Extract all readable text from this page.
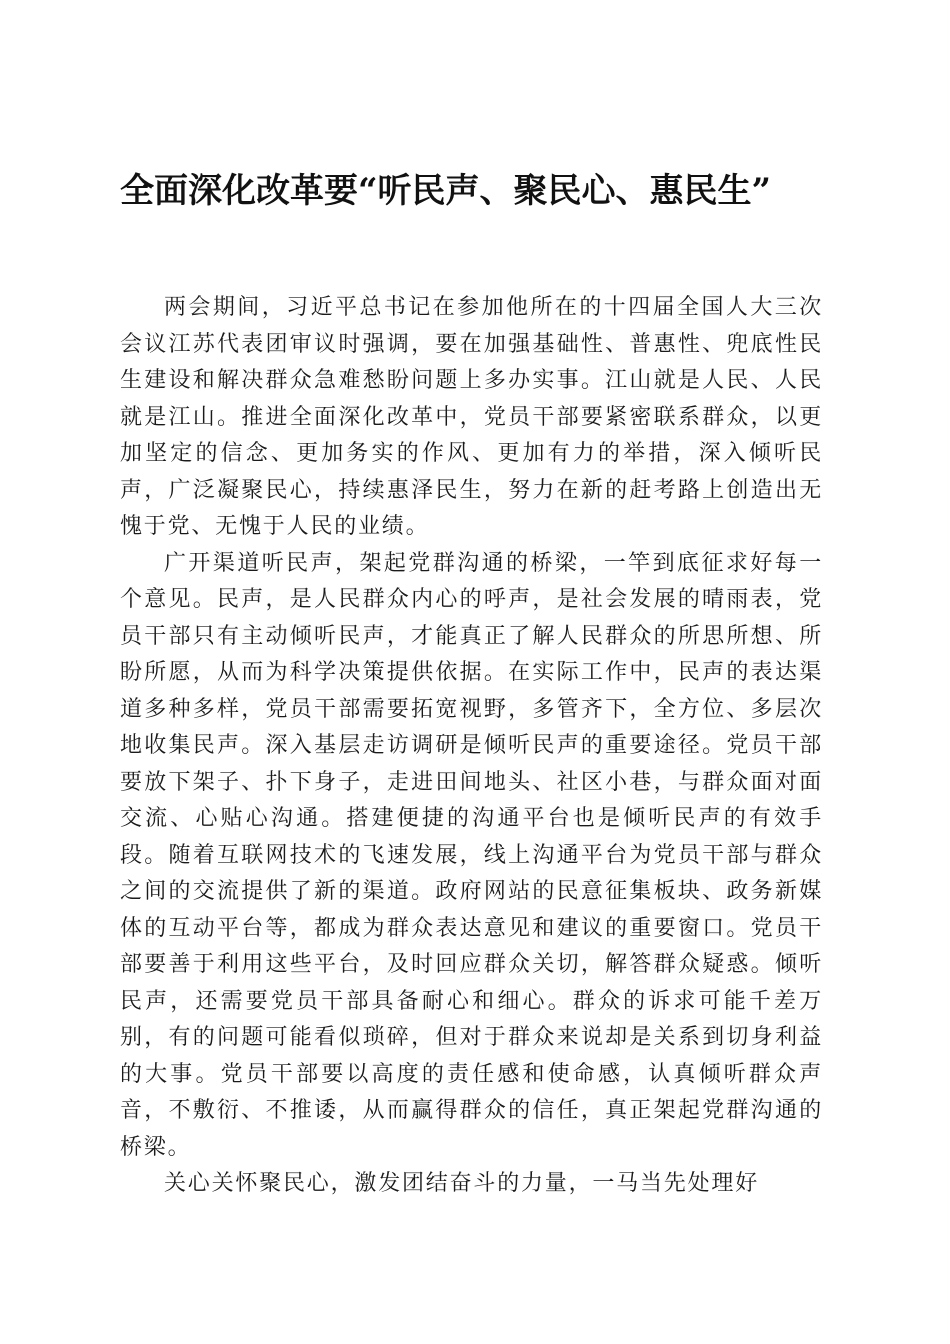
全面深化改革要“听民声、聚民心、惠民生”

两会期间，习近平总书记在参加他所在的十四届全国人大三次会议江苏代表团审议时强调，要在加强基础性、普惠性、兜底性民生建设和解决群众急难愁盼问题上多办实事。江山就是人民、人民就是江山。推进全面深化改革中，党员干部要紧密联系群众，以更加坚定的信念、更加务实的作风、更加有力的举措，深入倾听民声，广泛凝聚民心，持续惠泽民生，努力在新的赶考路上创造出无愧于党、无愧于人民的业绩。

广开渠道听民声，架起党群沟通的桥梁，一竿到底征求好每一个意见。民声，是人民群众内心的呼声，是社会发展的晴雨表，党员干部只有主动倾听民声，才能真正了解人民群众的所思所想、所盼所愿，从而为科学决策提供依据。在实际工作中，民声的表达渠道多种多样，党员干部需要拓宽视野，多管齐下，全方位、多层次地收集民声。深入基层走访调研是倾听民声的重要途径。党员干部要放下架子、扑下身子，走进田间地头、社区小巷，与群众面对面交流、心贴心沟通。搭建便捷的沟通平台也是倾听民声的有效手段。随着互联网技术的飞速发展，线上沟通平台为党员干部与群众之间的交流提供了新的渠道。政府网站的民意征集板块、政务新媒体的互动平台等，都成为群众表达意见和建议的重要窗口。党员干部要善于利用这些平台，及时回应群众关切，解答群众疑惑。倾听民声，还需要党员干部具备耐心和细心。群众的诉求可能千差万别，有的问题可能看似琐碎，但对于群众来说却是关系到切身利益的大事。党员干部要以高度的责任感和使命感，认真倾听群众声音，不敷衍、不推诿，从而赢得群众的信任，真正架起党群沟通的桥梁。

关心关怀聚民心，激发团结奋斗的力量，一马当先处理好
